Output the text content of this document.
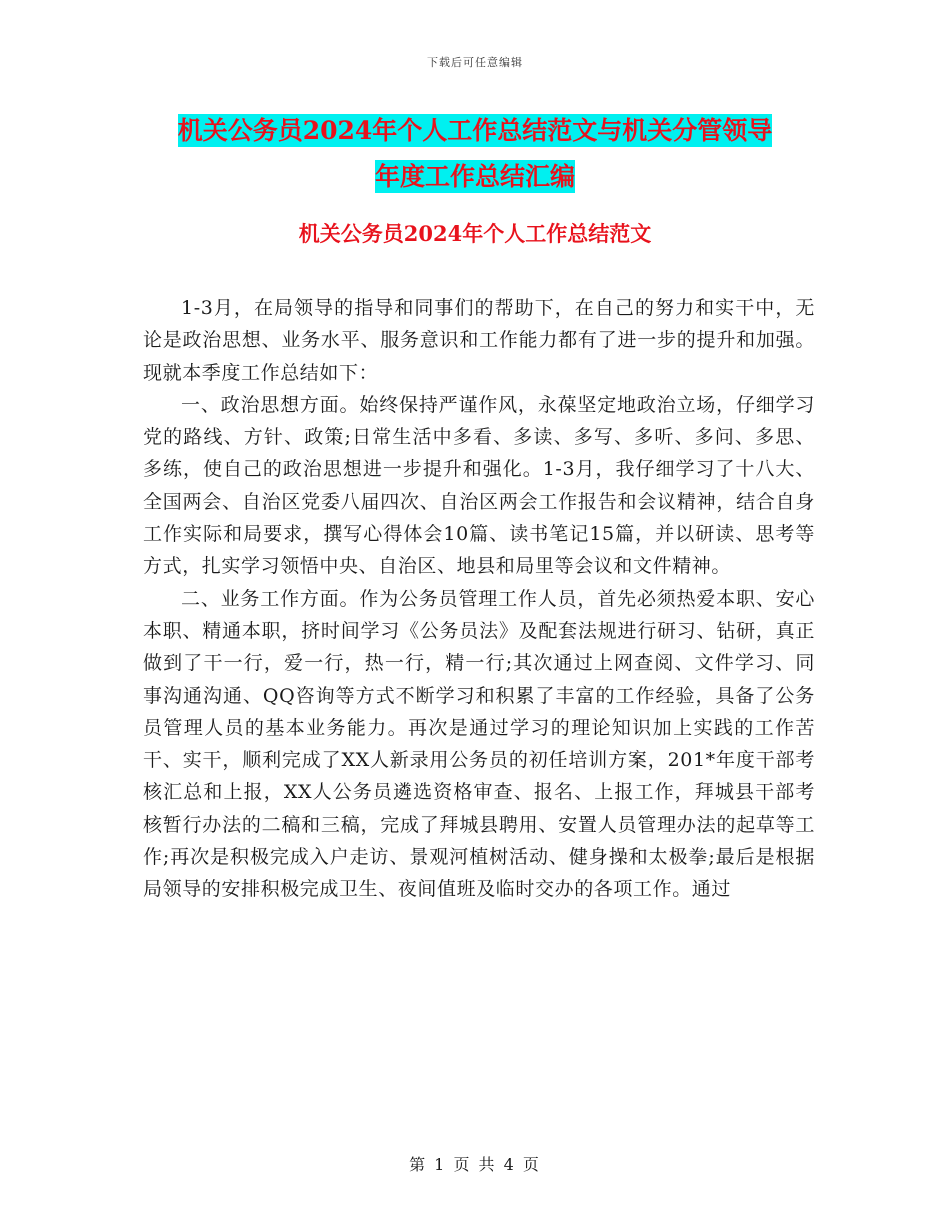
下载后可任意编辑
机关公务员2024年个人工作总结范文与机关分管领导
年度工作总结汇编
机关公务员2024年个人工作总结范文

1-3月，在局领导的指导和同事们的帮助下，在自己的努力和实干中，无论是政治思想、业务水平、服务意识和工作能力都有了进一步的提升和加强。现就本季度工作总结如下：

一、政治思想方面。始终保持严谨作风，永葆坚定地政治立场，仔细学习党的路线、方针、政策;日常生活中多看、多读、多写、多听、多问、多思、多练，使自己的政治思想进一步提升和强化。1-3月，我仔细学习了十八大、全国两会、自治区党委八届四次、自治区两会工作报告和会议精神，结合自身工作实际和局要求，撰写心得体会10篇、读书笔记15篇，并以研读、思考等方式，扎实学习领悟中央、自治区、地县和局里等会议和文件精神。

二、业务工作方面。作为公务员管理工作人员，首先必须热爱本职、安心本职、精通本职，挤时间学习《公务员法》及配套法规进行研习、钻研，真正做到了干一行，爱一行，热一行，精一行;其次通过上网查阅、文件学习、同事沟通沟通、QQ咨询等方式不断学习和积累了丰富的工作经验，具备了公务员管理人员的基本业务能力。再次是通过学习的理论知识加上实践的工作苦干、实干，顺利完成了XX人新录用公务员的初任培训方案，201*年度干部考核汇总和上报，XX人公务员遴选资格审查、报名、上报工作，拜城县干部考核暂行办法的二稿和三稿，完成了拜城县聘用、安置人员管理办法的起草等工作;再次是积极完成入户走访、景观河植树活动、健身操和太极拳;最后是根据局领导的安排积极完成卫生、夜间值班及临时交办的各项工作。通过

第 1 页 共 4 页
